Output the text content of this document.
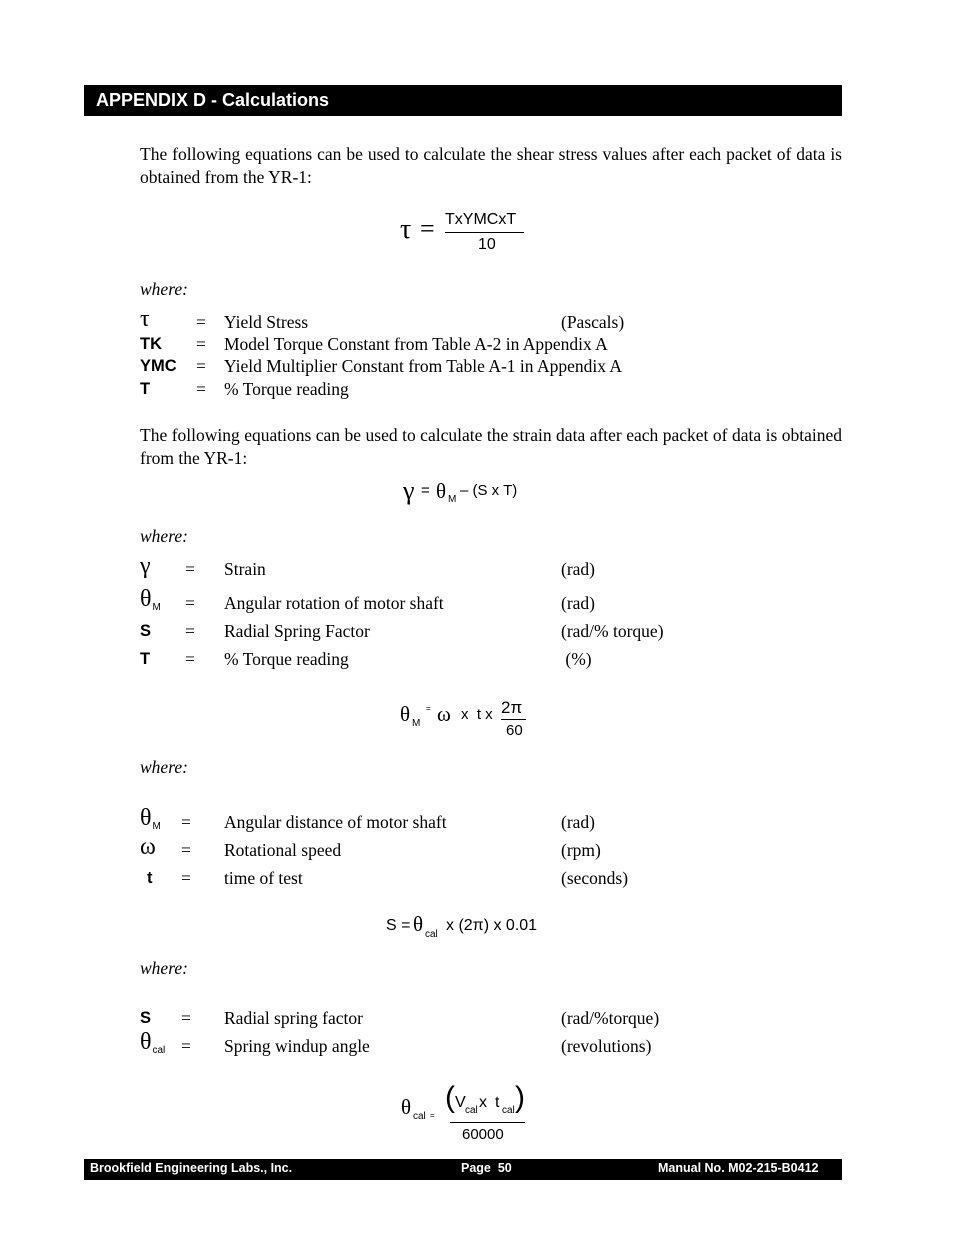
APPENDIX D - Calculations
The following equations can be used to calculate the shear stress values after each packet of data is obtained from the YR-1:
τ = TxYMCxT
10
where:
τ	= Yield Stress	(Pascals)
TK = Model Torque Constant from Table A-2 in Appendix A
YMC = Yield Multiplier Constant from Table A-1 in Appendix A
T	= % Torque reading
The following equations can be used to calculate the strain data after each packet of data is obtained from the YR-1:
γ = θ M
– (S x T)
where:
γ = Strain	(rad)
$\theta_M$ = Angular rotation of motor shaft	(rad)
S = Radial Spring Factor	(rad/% torque)
T = % Torque reading	(%)
θ M
= ω x  t x 2π
60
where:
$\theta_M$ = Angular distance of motor shaft	(rad)
ω = Rotational speed	(rpm)
t = time of test	(seconds)
S = θ cal
x (2π) x 0.01
where:
S = Radial spring factor	(rad/%torque)
$\theta_{cal}$ = Spring windup angle	(revolutions)
θ cal =
( V cal x t cal )
60000
Brookfield Engineering Labs., Inc.	Page  50	Manual No. M02-215-B0412
